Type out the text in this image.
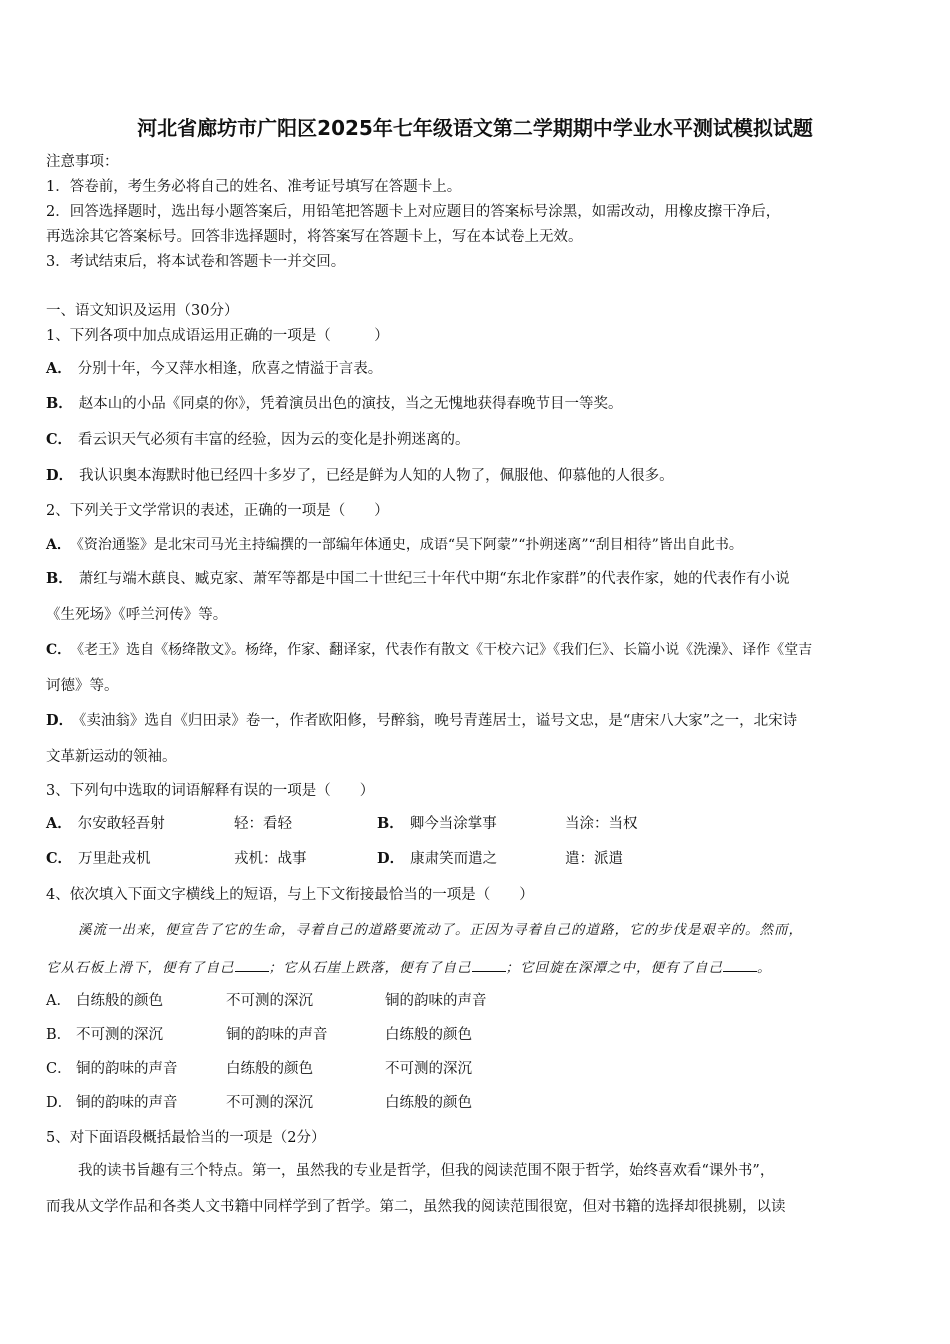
河北省廊坊市广阳区2025年七年级语文第二学期期中学业水平测试模拟试题
注意事项：
1．答卷前，考生务必将自己的姓名、准考证号填写在答题卡上。
2．回答选择题时，选出每小题答案后，用铅笔把答题卡上对应题目的答案标号涂黑，如需改动，用橡皮擦干净后，
再选涂其它答案标号。回答非选择题时，将答案写在答题卡上，写在本试卷上无效。
3．考试结束后，将本试卷和答题卡一并交回。
一、语文知识及运用（30分）
1、下列各项中加点成语运用正确的一项是（　　　）
A． 分别十年，今又萍水相逢，欣喜之情溢于言表。
B． 赵本山的小品《同桌的你》，凭着演员出色的演技，当之无愧地获得春晚节目一等奖。
C． 看云识天气必须有丰富的经验，因为云的变化是扑朔迷离的。
D． 我认识奥本海默时他已经四十多岁了，已经是鲜为人知的人物了，佩服他、仰慕他的人很多。
2、下列关于文学常识的表述，正确的一项是（　　）
A． 《资治通鉴》是北宋司马光主持编撰的一部编年体通史，成语“吴下阿蒙”“扑朔迷离”“刮目相待”皆出自此书。
B． 萧红与端木蕻良、臧克家、萧军等都是中国二十世纪三十年代中期“东北作家群”的代表作家，她的代表作有小说
《生死场》《呼兰河传》等。
C． 《老王》选自《杨绛散文》。杨绛，作家、翻译家，代表作有散文《干校六记》《我们仨》、长篇小说《洗澡》、译作《堂吉
诃德》等。
D． 《卖油翁》选自《归田录》卷一，作者欧阳修，号醉翁，晚号青莲居士，谥号文忠，是“唐宋八大家”之一，北宋诗
文革新运动的领袖。
3、下列句中选取的词语解释有误的一项是（　　）
A． 尔安敢轻吾射	轻：看轻	B． 卿今当涂掌事	当涂：当权
C． 万里赴戎机	戎机：战事	D． 康肃笑而遣之	遣：派遣
4、依次填入下面文字横线上的短语，与上下文衔接最恰当的一项是（　　）
溪流一出来，便宣告了它的生命，寻着自己的道路要流动了。正因为寻着自己的道路，它的步伐是艰辛的。然而，
它从石板上滑下，便有了自己	；它从石崖上跌落，便有了自己	；它回旋在深潭之中，便有了自己	。
A． 白练般的颜色	不可测的深沉	铜的韵味的声音
B． 不可测的深沉	铜的韵味的声音	白练般的颜色
C． 铜的韵味的声音	白练般的颜色	不可测的深沉
D． 铜的韵味的声音	不可测的深沉	白练般的颜色
5、对下面语段概括最恰当的一项是（2分）
我的读书旨趣有三个特点。第一，虽然我的专业是哲学，但我的阅读范围不限于哲学，始终喜欢看“课外书”，
而我从文学作品和各类人文书籍中同样学到了哲学。第二，虽然我的阅读范围很宽，但对书籍的选择却很挑剔，以读
